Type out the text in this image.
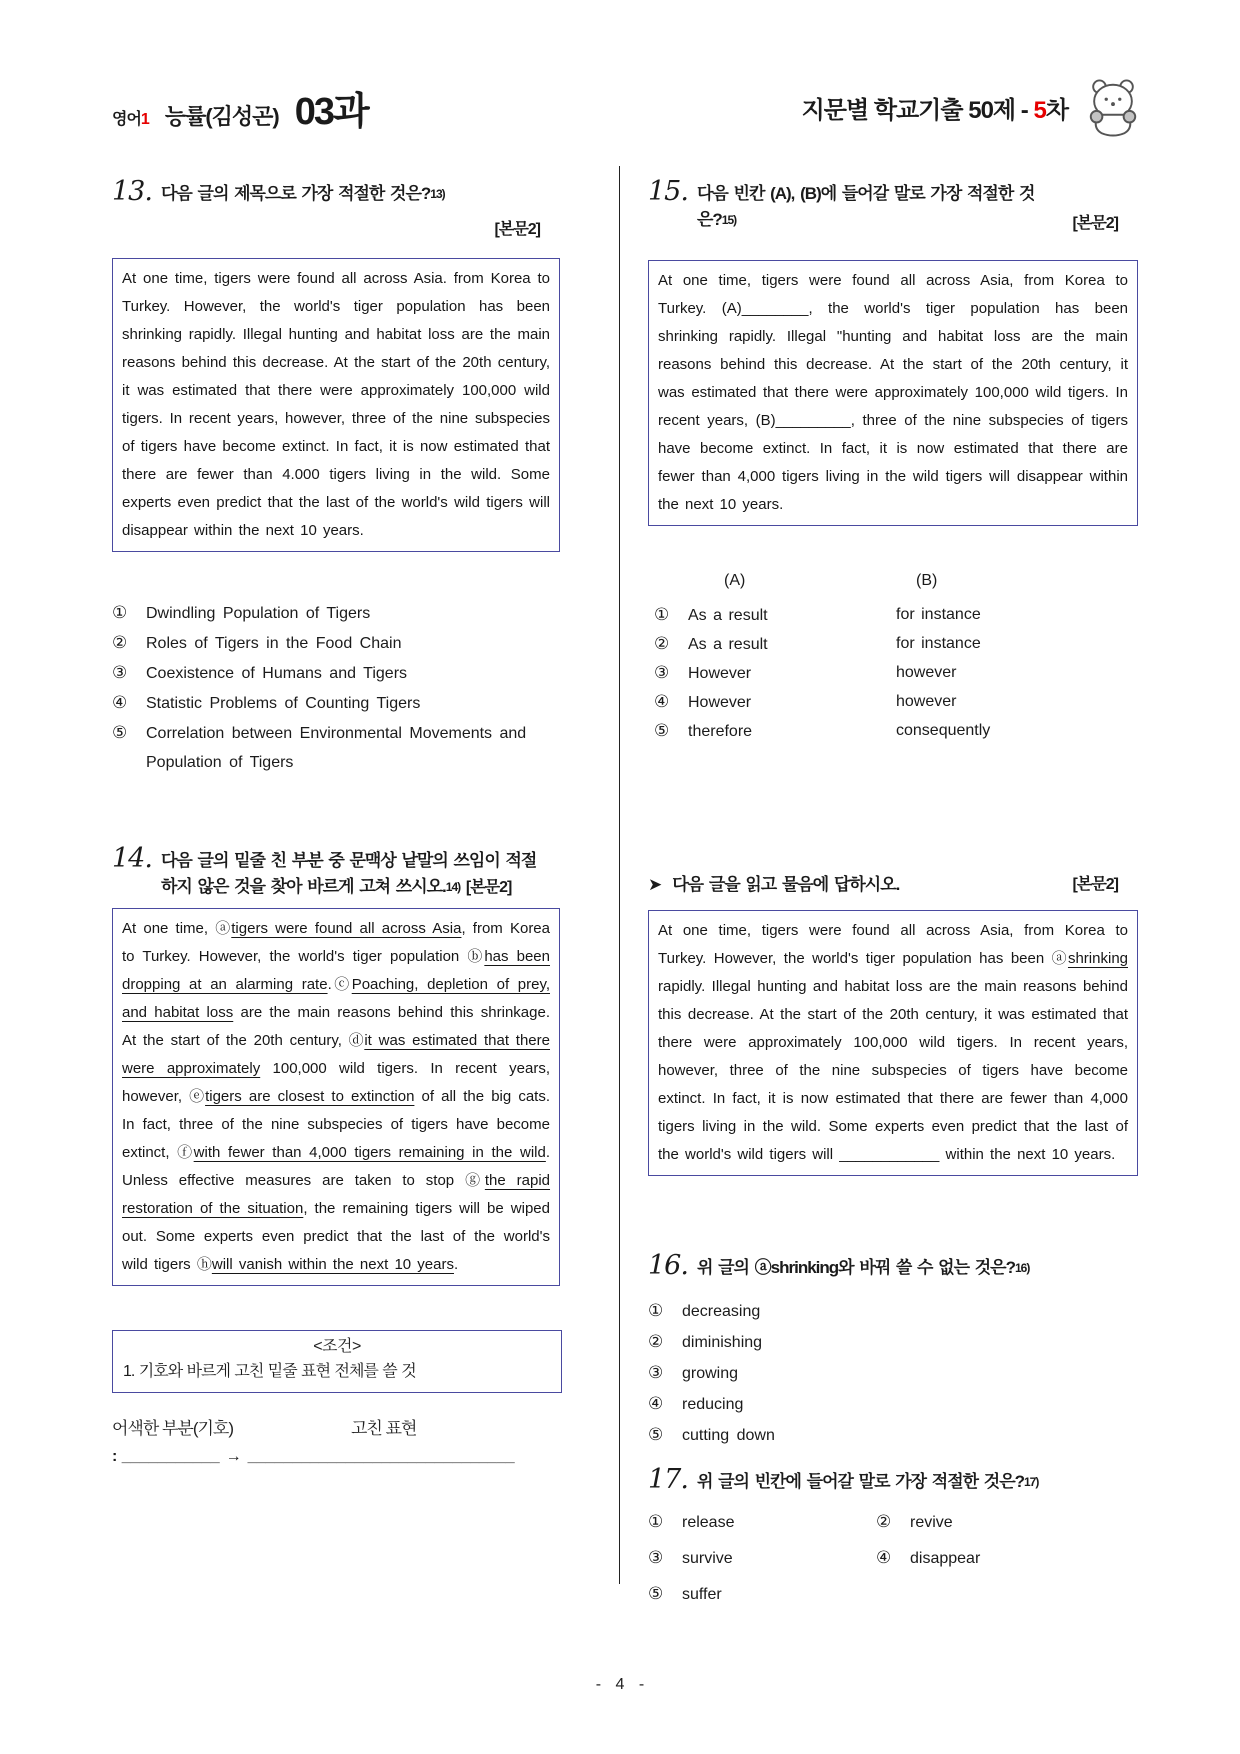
영어1 능률(김성곤) 03과	지문별 학교기출 50제 - 5차
13. 다음 글의 제목으로 가장 적절한 것은?$^{13)}$
[본문2]
At one time, tigers were found all across Asia. from Korea to Turkey. However, the world's tiger population has been shrinking rapidly. Illegal hunting and habitat loss are the main reasons behind this decrease. At the start of the 20th century, it was estimated that there were approximately 100,000 wild tigers. In recent years, however, three of the nine subspecies of tigers have become extinct. In fact, it is now estimated that there are fewer than 4.000 tigers living in the wild. Some experts even predict that the last of the world's wild tigers will disappear within the next 10 years.
① Dwindling Population of Tigers
② Roles of Tigers in the Food Chain
③ Coexistence of Humans and Tigers
④ Statistic Problems of Counting Tigers
⑤ Correlation between Environmental Movements and Population of Tigers
14. 다음 글의 밑줄 친 부분 중 문맥상 낱말의 쓰임이 적절하지 않은 것을 찾아 바르게 고쳐 쓰시오.$^{14)}$ [본문2]
At one time, ⓐtigers were found all across Asia, from Korea to Turkey. However, the world's tiger population ⓑhas been dropping at an alarming rate.ⓒPoaching, depletion of prey, and habitat loss are the main reasons behind this shrinkage. At the start of the 20th century, ⓓit was estimated that there were approximately 100,000 wild tigers. In recent years, however, ⓔtigers are closest to extinction of all the big cats. In fact, three of the nine subspecies of tigers have become extinct, ⓕwith fewer than 4,000 tigers remaining in the wild. Unless effective measures are taken to stop ⓖthe rapid restoration of the situation, the remaining tigers will be wiped out. Some experts even predict that the last of the world's wild tigers ⓗwill vanish within the next 10 years.
<조건>
1. 기호와 바르게 고친 밑줄 표현 전체를 쓸 것
어색한 부분(기호)	고친 표현
: ___________ → ______________________________
15. 다음 빈칸 (A), (B)에 들어갈 말로 가장 적절한 것은?$^{15)}$	[본문2]
At one time, tigers were found all across Asia, from Korea to Turkey. (A)________, the world's tiger population has been shrinking rapidly. Illegal "hunting and habitat loss are the main reasons behind this decrease. At the start of the 20th century, it was estimated that there were approximately 100,000 wild tigers. In recent years, (B)_________, three of the nine subspecies of tigers have become extinct. In fact, it is now estimated that there are fewer than 4,000 tigers living in the wild tigers will disappear within the next 10 years.
(A)	(B)
① As a result	for instance
② As a result	for instance
③ However	however
④ However	however
⑤ therefore	consequently
➤ 다음 글을 읽고 물음에 답하시오.	[본문2]
At one time, tigers were found all across Asia, from Korea to Turkey. However, the world's tiger population has been ⓐshrinking rapidly. Illegal hunting and habitat loss are the main reasons behind this decrease. At the start of the 20th century, it was estimated that there were approximately 100,000 wild tigers. In recent years, however, three of the nine subspecies of tigers have become extinct. In fact, it is now estimated that there are fewer than 4,000 tigers living in the wild. Some experts even predict that the last of the world's wild tigers will ____________ within the next 10 years.
16. 위 글의 ⓐshrinking와 바꿔 쓸 수 없는 것은?$^{16)}$
① decreasing
② diminishing
③ growing
④ reducing
⑤ cutting down
17. 위 글의 빈칸에 들어갈 말로 가장 적절한 것은?$^{17)}$
① release	② revive
③ survive	④ disappear
⑤ suffer
- 4 -
